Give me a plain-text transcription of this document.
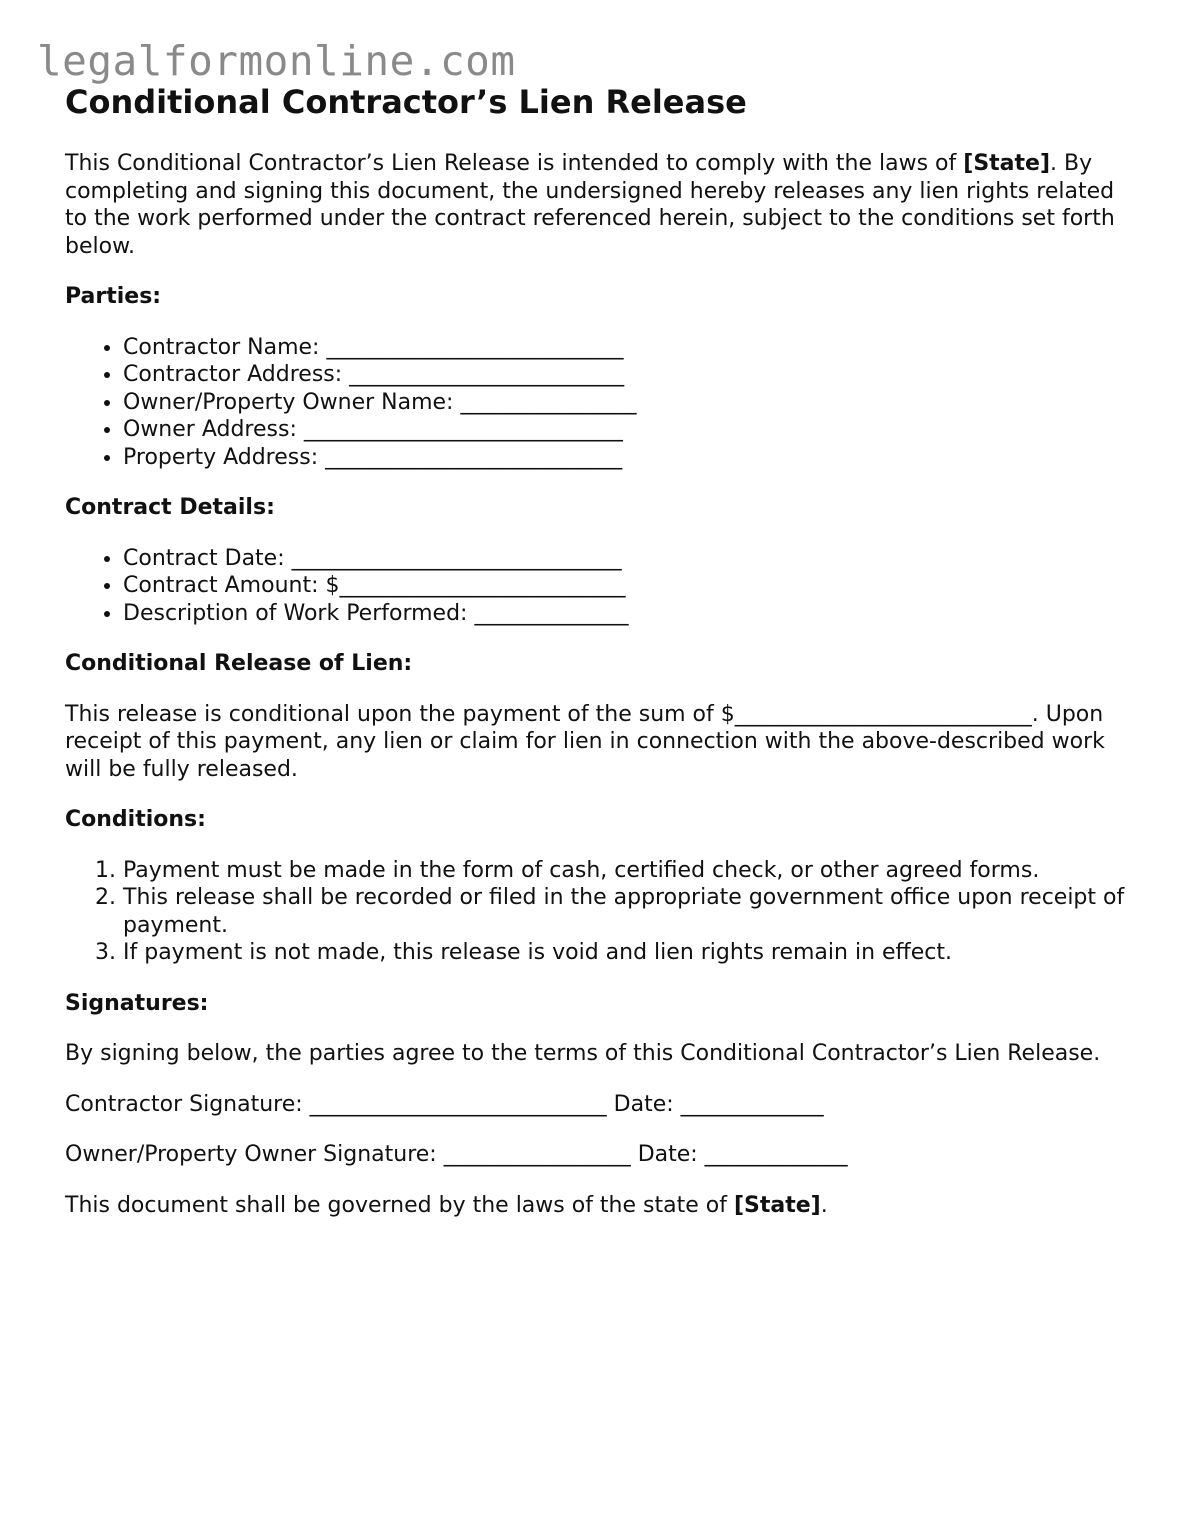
legalformonline.com
Conditional Contractor’s Lien Release

This Conditional Contractor’s Lien Release is intended to comply with the laws of [State]. By completing and signing this document, the undersigned hereby releases any lien rights related to the work performed under the contract referenced herein, subject to the conditions set forth below.

Parties:

• Contractor Name: ___________________________
• Contractor Address: _________________________
• Owner/Property Owner Name: ________________
• Owner Address: _____________________________
• Property Address: ___________________________

Contract Details:

• Contract Date: ______________________________
• Contract Amount: $__________________________
• Description of Work Performed: ______________

Conditional Release of Lien:

This release is conditional upon the payment of the sum of $___________________________. Upon receipt of this payment, any lien or claim for lien in connection with the above-described work will be fully released.

Conditions:

1. Payment must be made in the form of cash, certified check, or other agreed forms.
2. This release shall be recorded or filed in the appropriate government office upon receipt of payment.
3. If payment is not made, this release is void and lien rights remain in effect.

Signatures:

By signing below, the parties agree to the terms of this Conditional Contractor’s Lien Release.

Contractor Signature: ___________________________ Date: _____________

Owner/Property Owner Signature: _________________ Date: _____________

This document shall be governed by the laws of the state of [State].
